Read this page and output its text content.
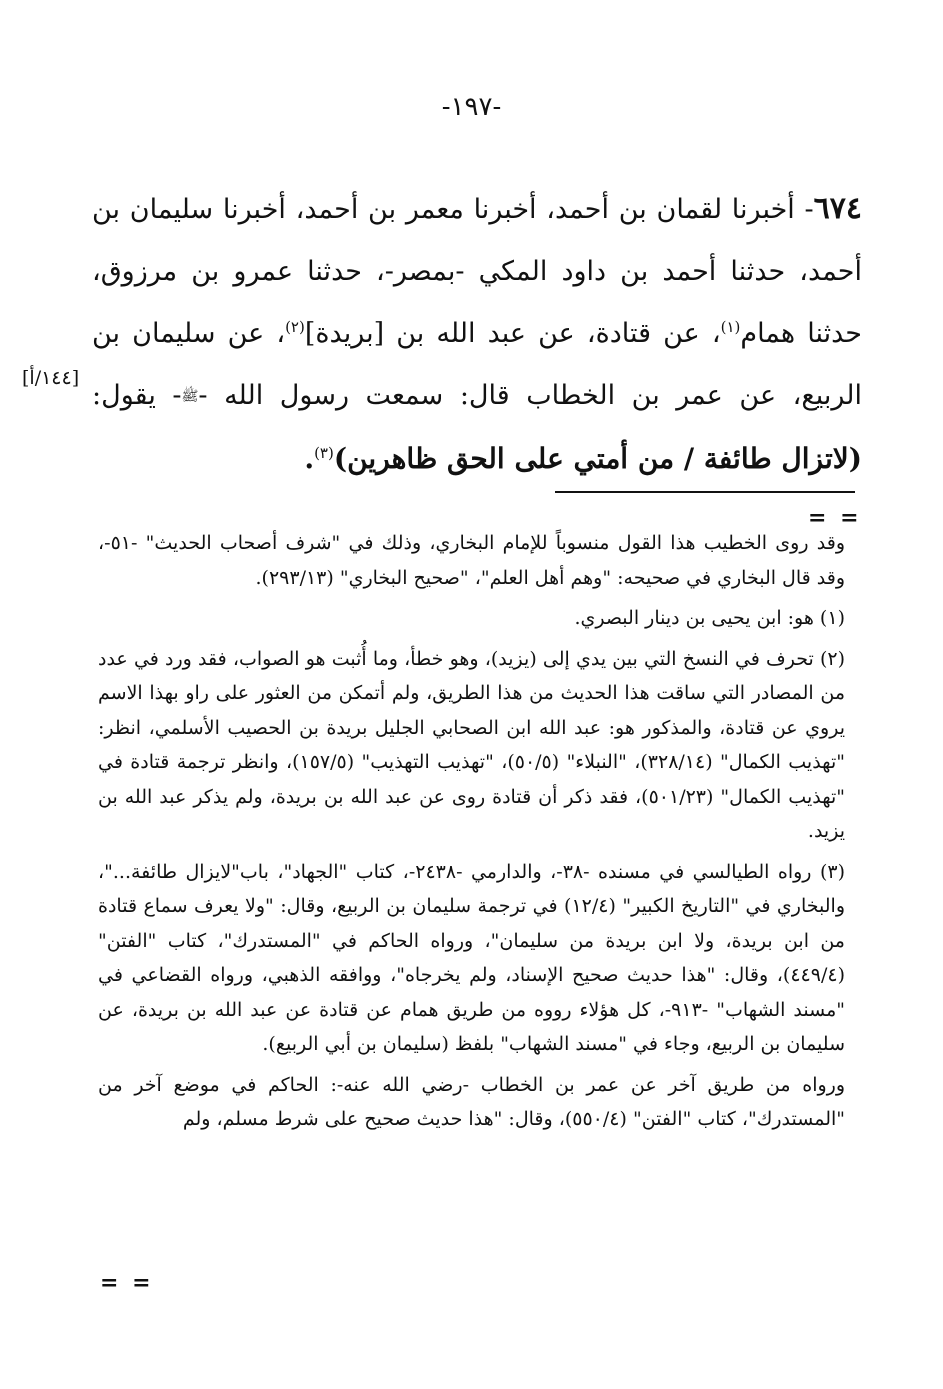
-١٩٧-
٦٧٤- أخبرنا لقمان بن أحمد، أخبرنا معمر بن أحمد، أخبرنا سليمان بن أحمد، حدثنا أحمد بن داود المكي -بمصر-، حدثنا عمرو بن مرزوق، حدثنا همام$^{(١)}$، عن قتادة، عن عبد الله بن [بريدة]$^{(٢)}$، عن سليمان بن الربيع، عن عمر بن الخطاب قال: سمعت رسول الله -ﷺ- يقول: (لاتزال طائفة / من أمتي على الحق ظاهرين)$^{(٣)}$.
[١٤٤/أ]
= =

وقد روى الخطيب هذا القول منسوباً للإمام البخاري، وذلك في "شرف أصحاب الحديث" -٥١-، وقد قال البخاري في صحيحه: "وهم أهل العلم"، "صحيح البخاري" (٢٩٣/١٣).

(١) هو: ابن يحيى بن دينار البصري.

(٢) تحرف في النسخ التي بين يدي إلى (يزيد)، وهو خطأ، وما أُثبت هو الصواب، فقد ورد في عدد من المصادر التي ساقت هذا الحديث من هذا الطريق، ولم أتمكن من العثور على راو بهذا الاسم يروي عن قتادة، والمذكور هو: عبد الله ابن الصحابي الجليل بريدة بن الحصيب الأسلمي، انظر: "تهذيب الكمال" (٣٢٨/١٤)، "النبلاء" (٥٠/٥)، "تهذيب التهذيب" (١٥٧/٥)، وانظر ترجمة قتادة في "تهذيب الكمال" (٥٠١/٢٣)، فقد ذكر أن قتادة روى عن عبد الله بن بريدة، ولم يذكر عبد الله بن يزيد.

(٣) رواه الطيالسي في مسنده -٣٨-، والدارمي -٢٤٣٨-، كتاب "الجهاد"، باب"لايزال طائفة..."، والبخاري في "التاريخ الكبير" (١٢/٤) في ترجمة سليمان بن الربيع، وقال: "ولا يعرف سماع قتادة من ابن بريدة، ولا ابن بريدة من سليمان"، ورواه الحاكم في "المستدرك"، كتاب "الفتن" (٤٤٩/٤)، وقال: "هذا حديث صحيح الإسناد، ولم يخرجاه"، ووافقه الذهبي، ورواه القضاعي في "مسند الشهاب" -٩١٣-، كل هؤلاء رووه من طريق همام عن قتادة عن عبد الله بن بريدة، عن سليمان بن الربيع، وجاء في "مسند الشهاب" بلفظ (سليمان بن أبي الربيع).

ورواه من طريق آخر عن عمر بن الخطاب -رضي الله عنه-: الحاكم في موضع آخر من "المستدرك"، كتاب "الفتن" (٥٥٠/٤)، وقال: "هذا حديث صحيح على شرط مسلم، ولم

= =
